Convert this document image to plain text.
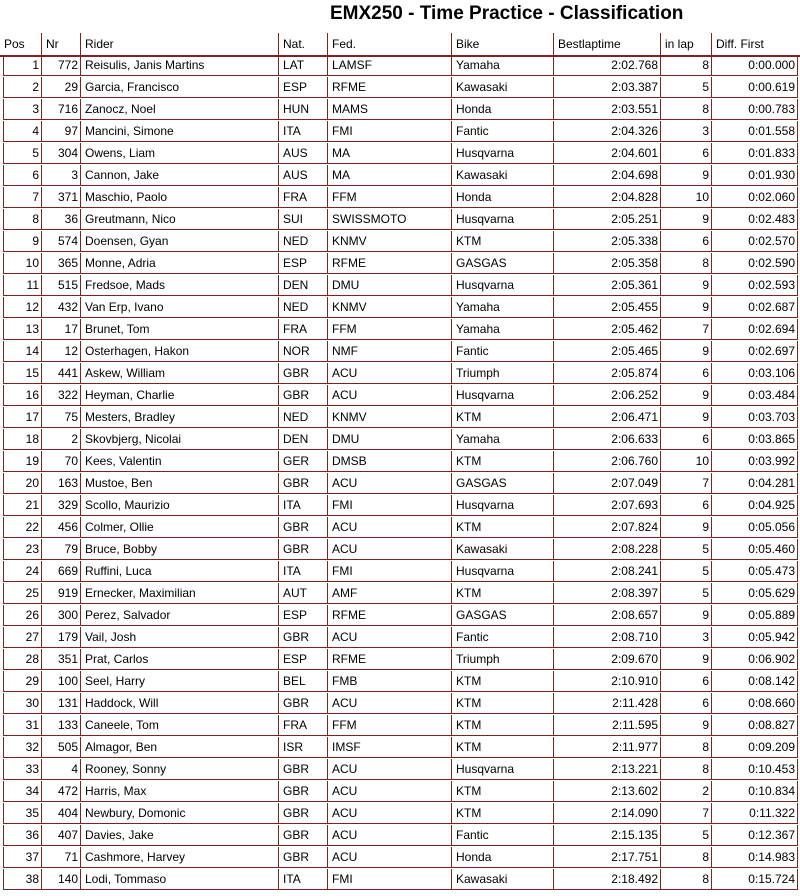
EMX250 - Time Practice - Classification
Pos	Nr	Rider	Nat.	Fed.	Bike	Bestlaptime	in lap	Diff. First
1	772 Reisulis, Janis Martins	LAT	LAMSF	Yamaha	2:02.768	8	0:00.000
2	29 Garcia, Francisco	ESP	RFME	Kawasaki	2:03.387	5	0:00.619
3	716 Zanocz, Noel	HUN	MAMS	Honda	2:03.551	8	0:00.783
4	97 Mancini, Simone	ITA	FMI	Fantic	2:04.326	3	0:01.558
5	304 Owens, Liam	AUS	MA	Husqvarna	2:04.601	6	0:01.833
6	3 Cannon, Jake	AUS	MA	Kawasaki	2:04.698	9	0:01.930
7	371 Maschio, Paolo	FRA	FFM	Honda	2:04.828	10	0:02.060
8	36 Greutmann, Nico	SUI	SWISSMOTO	Husqvarna	2:05.251	9	0:02.483
9	574 Doensen, Gyan	NED	KNMV	KTM	2:05.338	6	0:02.570
10	365 Monne, Adria	ESP	RFME	GASGAS	2:05.358	8	0:02.590
11	515 Fredsoe, Mads	DEN	DMU	Husqvarna	2:05.361	9	0:02.593
12	432 Van Erp, Ivano	NED	KNMV	Yamaha	2:05.455	9	0:02.687
13	17 Brunet, Tom	FRA	FFM	Yamaha	2:05.462	7	0:02.694
14	12 Osterhagen, Hakon	NOR	NMF	Fantic	2:05.465	9	0:02.697
15	441 Askew, William	GBR	ACU	Triumph	2:05.874	6	0:03.106
16	322 Heyman, Charlie	GBR	ACU	Husqvarna	2:06.252	9	0:03.484
17	75 Mesters, Bradley	NED	KNMV	KTM	2:06.471	9	0:03.703
18	2 Skovbjerg, Nicolai	DEN	DMU	Yamaha	2:06.633	6	0:03.865
19	70 Kees, Valentin	GER	DMSB	KTM	2:06.760	10	0:03.992
20	163 Mustoe, Ben	GBR	ACU	GASGAS	2:07.049	7	0:04.281
21	329 Scollo, Maurizio	ITA	FMI	Husqvarna	2:07.693	6	0:04.925
22	456 Colmer, Ollie	GBR	ACU	KTM	2:07.824	9	0:05.056
23	79 Bruce, Bobby	GBR	ACU	Kawasaki	2:08.228	5	0:05.460
24	669 Ruffini, Luca	ITA	FMI	Husqvarna	2:08.241	5	0:05.473
25	919 Ernecker, Maximilian	AUT	AMF	KTM	2:08.397	5	0:05.629
26	300 Perez, Salvador	ESP	RFME	GASGAS	2:08.657	9	0:05.889
27	179 Vail, Josh	GBR	ACU	Fantic	2:08.710	3	0:05.942
28	351 Prat, Carlos	ESP	RFME	Triumph	2:09.670	9	0:06.902
29	100 Seel, Harry	BEL	FMB	KTM	2:10.910	6	0:08.142
30	131 Haddock, Will	GBR	ACU	KTM	2:11.428	6	0:08.660
31	133 Caneele, Tom	FRA	FFM	KTM	2:11.595	9	0:08.827
32	505 Almagor, Ben	ISR	IMSF	KTM	2:11.977	8	0:09.209
33	4 Rooney, Sonny	GBR	ACU	Husqvarna	2:13.221	8	0:10.453
34	472 Harris, Max	GBR	ACU	KTM	2:13.602	2	0:10.834
35	404 Newbury, Domonic	GBR	ACU	KTM	2:14.090	7	0:11.322
36	407 Davies, Jake	GBR	ACU	Fantic	2:15.135	5	0:12.367
37	71 Cashmore, Harvey	GBR	ACU	Honda	2:17.751	8	0:14.983
38	140 Lodi, Tommaso	ITA	FMI	Kawasaki	2:18.492	8	0:15.724
